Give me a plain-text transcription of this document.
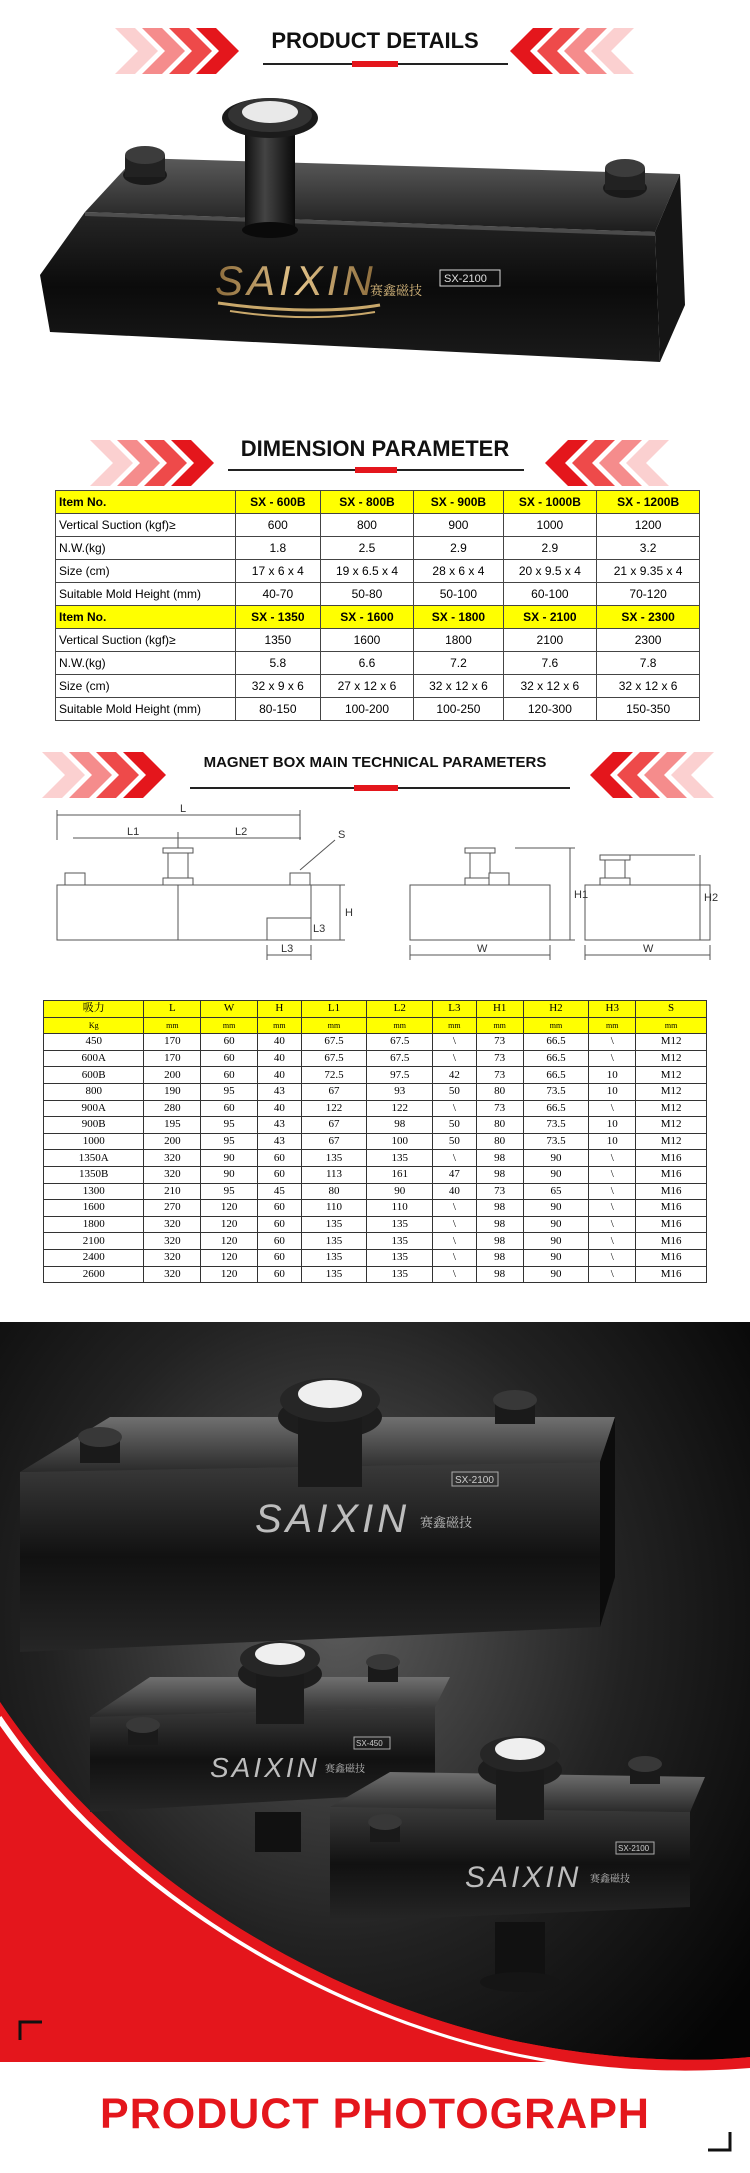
PRODUCT DETAILS
SAIXIN
赛鑫磁技
SX-2100
DIMENSION PARAMETER
Item No.	SX - 600B	SX - 800B	SX - 900B	SX - 1000B	SX - 1200B
Vertical Suction (kgf)≥	600	800	900	1000	1200
N.W.(kg)	1.8	2.5	2.9	2.9	3.2
Size (cm)	17 x 6 x 4	19 x 6.5 x 4	28 x 6 x 4	20 x 9.5 x 4	21 x 9.35 x 4
Suitable Mold Height (mm)	40-70	50-80	50-100	60-100	70-120
Item No.	SX - 1350	SX - 1600	SX - 1800	SX - 2100	SX - 2300
Vertical Suction (kgf)≥	1350	1600	1800	2100	2300
N.W.(kg)	5.8	6.6	7.2	7.6	7.8
Size (cm)	32 x 9 x 6	27 x 12 x 6	32 x 12 x 6	32 x 12 x 6	32 x 12 x 6
Suitable Mold Height (mm)	80-150	100-200	100-250	120-300	150-350
MAGNET BOX MAIN TECHNICAL PARAMETERS
L
L1	L2	S
H
L3
L3
H1	H2
W	W
吸力	L	W	H	L1	L2	L3	H1	H2	H3	S
Kg	mm	mm	mm	mm	mm	mm	mm	mm	mm	mm
450	170	60	40	67.5	67.5	\	73	66.5	\	M12
600A	170	60	40	67.5	67.5	\	73	66.5	\	M12
600B	200	60	40	72.5	97.5	42	73	66.5	10	M12
800	190	95	43	67	93	50	80	73.5	10	M12
900A	280	60	40	122	122	\	73	66.5	\	M12
900B	195	95	43	67	98	50	80	73.5	10	M12
1000	200	95	43	67	100	50	80	73.5	10	M12
1350A	320	90	60	135	135	\	98	90	\	M16
1350B	320	90	60	113	161	47	98	90	\	M16
1300	210	95	45	80	90	40	73	65	\	M16
1600	270	120	60	110	110	\	98	90	\	M16
1800	320	120	60	135	135	\	98	90	\	M16
2100	320	120	60	135	135	\	98	90	\	M16
2400	320	120	60	135	135	\	98	90	\	M16
2600	320	120	60	135	135	\	98	90	\	M16
SAIXIN 赛鑫磁技
SX-2100
SAIXIN 赛鑫磁技
SX-450
SAIXIN 赛鑫磁技
SX-2100
PRODUCT PHOTOGRAPH
